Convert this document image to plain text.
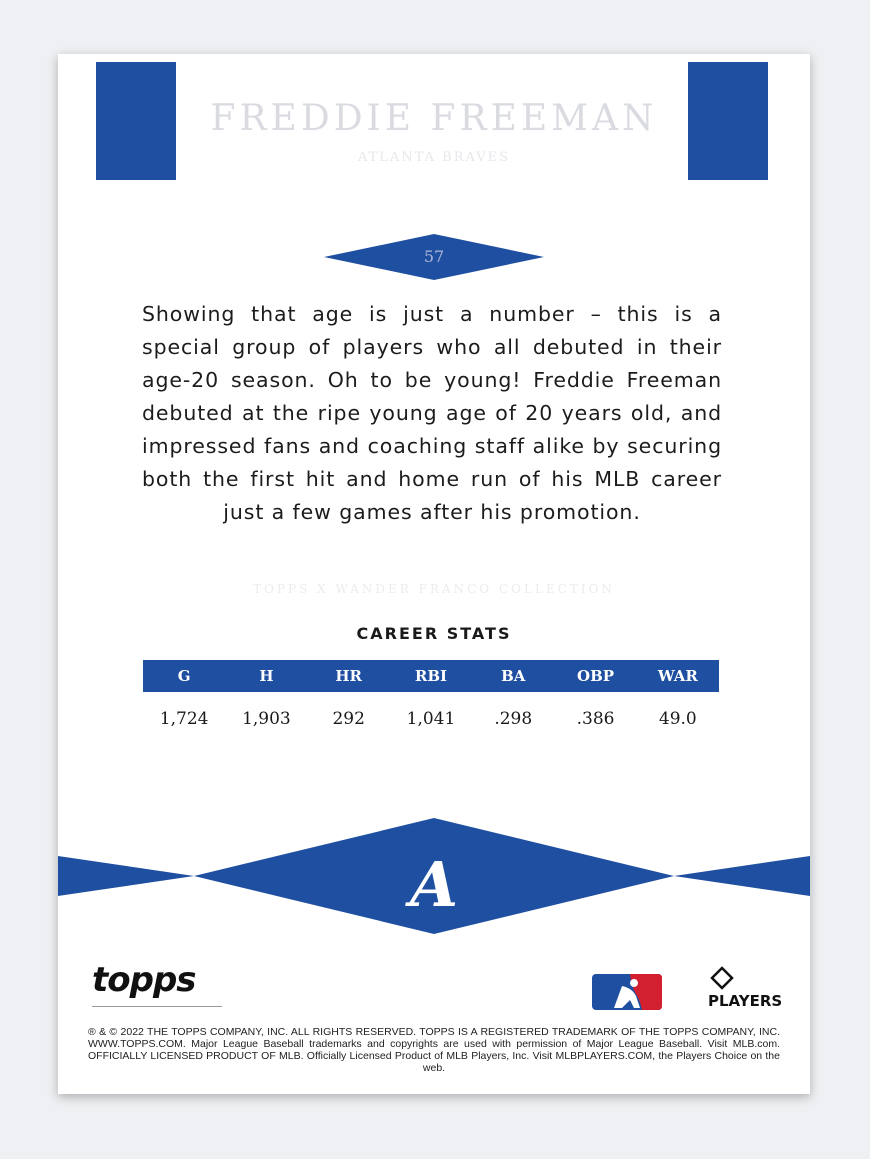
FREDDIE FREEMAN
ATLANTA BRAVES
57
Showing that age is just a number – this is a special group of players who all debuted in their age-20 season. Oh to be young! Freddie Freeman debuted at the ripe young age of 20 years old, and impressed fans and coaching staff alike by securing both the first hit and home run of his MLB career just a few games after his promotion.
TOPPS X WANDER FRANCO COLLECTION
CAREER STATS
G	H	HR	RBI	BA	OBP	WAR
1,724	1,903	292	1,041	.298	.386	49.0
A
topps
PLAYERS
® & © 2022 THE TOPPS COMPANY, INC. ALL RIGHTS RESERVED. TOPPS IS A REGISTERED TRADEMARK OF THE TOPPS COMPANY, INC. WWW.TOPPS.COM. Major League Baseball trademarks and copyrights are used with permission of Major League Baseball. Visit MLB.com. OFFICIALLY LICENSED PRODUCT OF MLB. Officially Licensed Product of MLB Players, Inc. Visit MLBPLAYERS.COM, the Players Choice on the web.
